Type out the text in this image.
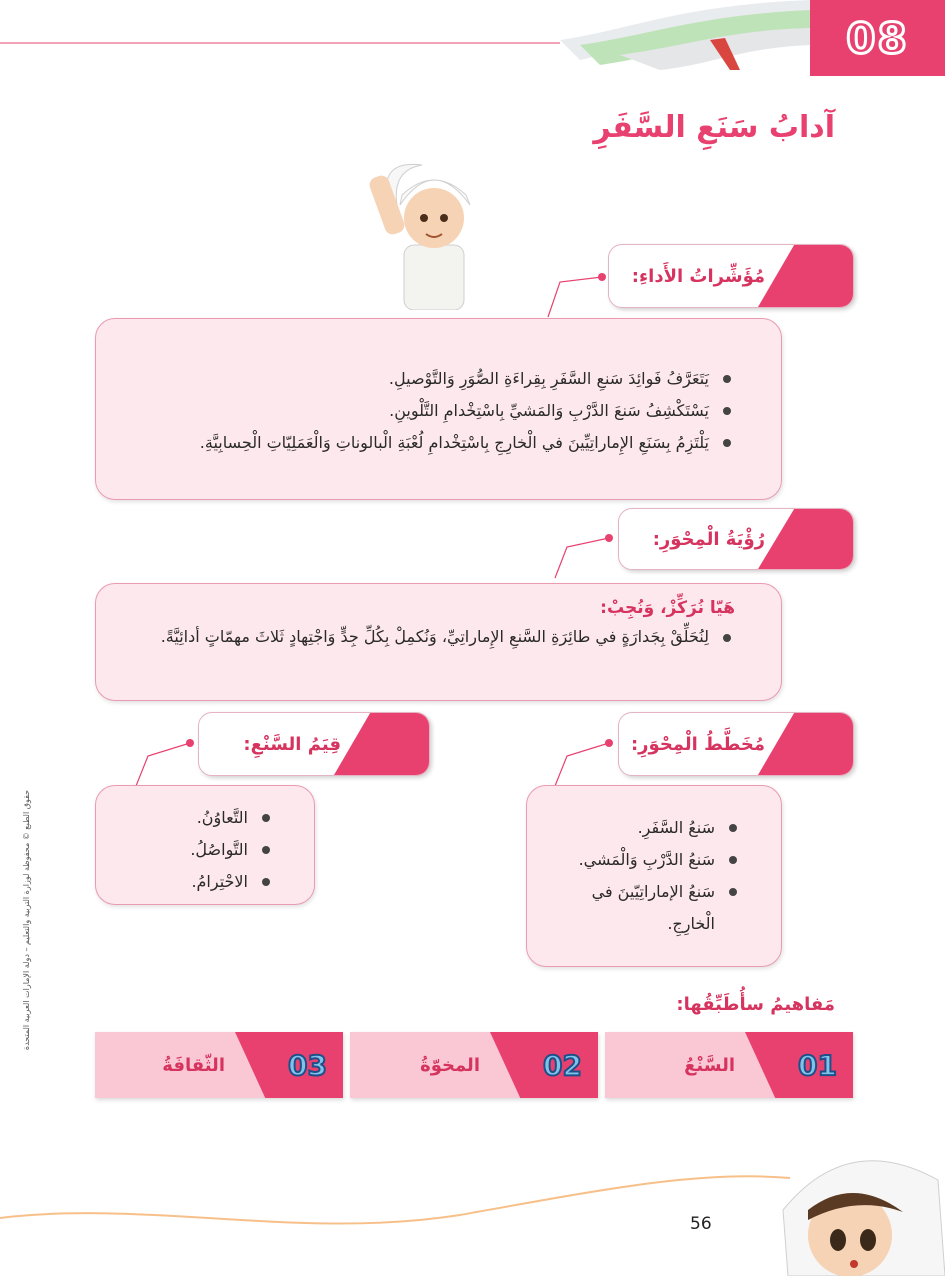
08
آدابُ سَنَعِ السَّفَرِ
مُؤَشِّراتُ الأَداءِ:
يَتَعَرَّفُ فَوائِدَ سَنعِ السَّفَرِ بِقِراءَةِ الصُّوَرِ وَالتَّوْصيلِ.
يَسْتَكْشِفُ سَنعَ الدَّرْبِ وَالمَشيِّ بِاسْتِخْدامِ التَّلْوينِ.
يَلْتَزِمُ بِسَنَعِ الإِماراتِيِّينَ في الْخارِجِ بِاسْتِخْدامِ لُعْبَةِ الْبالوناتِ وَالْعَمَلِيّاتِ الْحِسابِيَّةِ.
رُؤْيَةُ الْمِحْوَرِ:
هَيّا نُرَكِّزْ، وَنُجِبْ:
لِنُحَلِّقْ بِجَدارَةٍ في طائِرَةِ السَّنعِ الإِماراتِيِّ، وَنُكمِلْ بِكُلِّ جِدٍّ وَاجْتِهادٍ ثَلاثَ مهمّاتٍ أدائِيَّةً.
قِيَمُ السَّنْعِ:
التَّعاوُنُ.
التَّواصُلُ.
الاحْتِرامُ.
مُخَطَّطُ الْمِحْوَرِ:
سَنعُ السَّفَرِ.
سَنعُ الدَّرْبِ وَالْمَشي.
سَنعُ الإماراتِيّينَ في الْخارِجِ.
حقوق الطبع © محفوظة لوزارة التربية والتعليم – دولة الإمارات العربية المتحدة	مَفاهيمُ سأُطَبِّقُها:
01
السَّنْعُ
02
المخوّةُ
03
الثّقافَةُ
56
